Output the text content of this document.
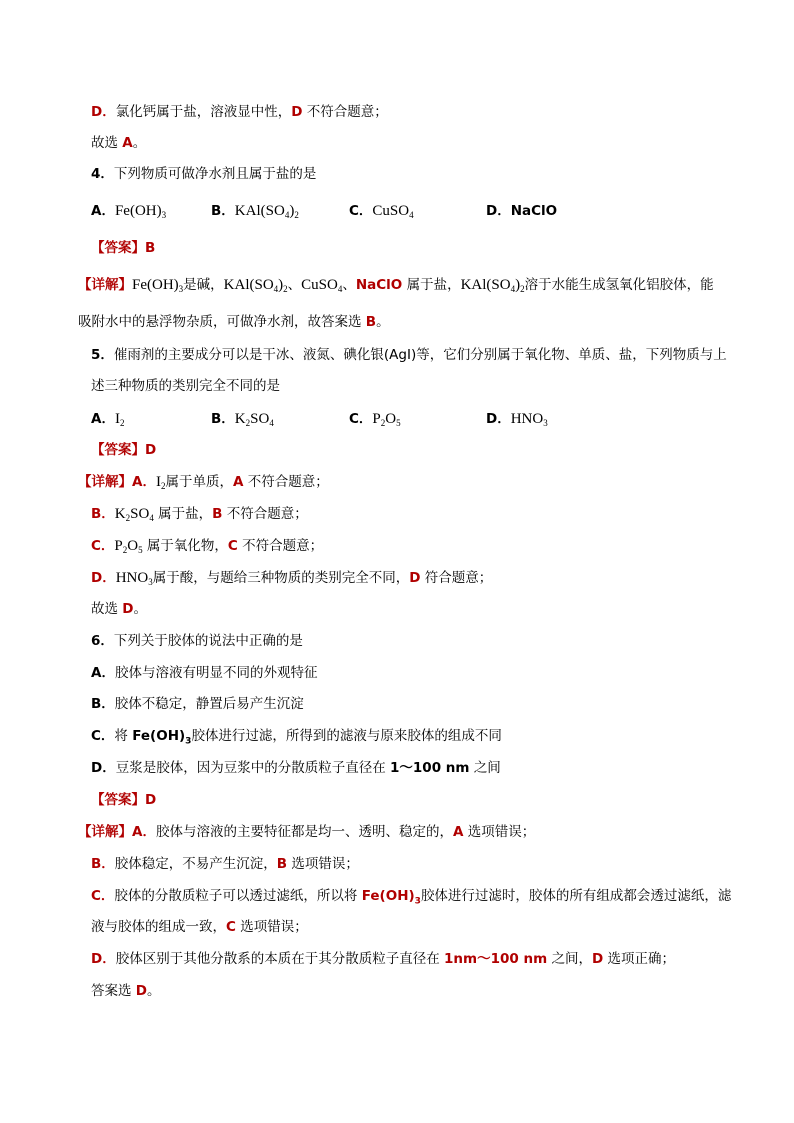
D．氯化钙属于盐，溶液显中性，D 不符合题意；
故选 A。
4．下列物质可做净水剂且属于盐的是
A．$Fe(OH)_3$	B．$KAl(SO_4)_2$	C．CuSO$_4$	D．NaClO
【答案】B
【详解】$Fe(OH)_3$是碱，$KAl(SO_4)_2$、CuSO$_4$、NaClO 属于盐，$KAl(SO_4)_2$溶于水能生成氢氧化铝胶体，能
吸附水中的悬浮物杂质，可做净水剂，故答案选 B。
5．催雨剂的主要成分可以是干冰、液氮、碘化银(AgI)等，它们分别属于氧化物、单质、盐，下列物质与上
述三种物质的类别完全不同的是
A．$I_2$	B．$K_2SO_4$	C．$P_2O_5$	D．$HNO_3$
【答案】D
【详解】A．$I_2$属于单质，A 不符合题意；
B．$K_2SO_4$ 属于盐，B 不符合题意；
C．$P_2O_5$ 属于氧化物，C 不符合题意；
D．$HNO_3$属于酸，与题给三种物质的类别完全不同，D 符合题意；
故选 D。
6．下列关于胶体的说法中正确的是
A．胶体与溶液有明显不同的外观特征
B．胶体不稳定，静置后易产生沉淀
C．将 $Fe(OH)_3$胶体进行过滤，所得到的滤液与原来胶体的组成不同
D．豆浆是胶体，因为豆浆中的分散质粒子直径在 1～100 nm 之间
【答案】D
【详解】A．胶体与溶液的主要特征都是均一、透明、稳定的，A 选项错误；
B．胶体稳定，不易产生沉淀，B 选项错误；
C．胶体的分散质粒子可以透过滤纸，所以将 $Fe(OH)_3$胶体进行过滤时，胶体的所有组成都会透过滤纸，滤
液与胶体的组成一致，C 选项错误；
D．胶体区别于其他分散系的本质在于其分散质粒子直径在 1nm～100 nm 之间，D 选项正确；
答案选 D。
